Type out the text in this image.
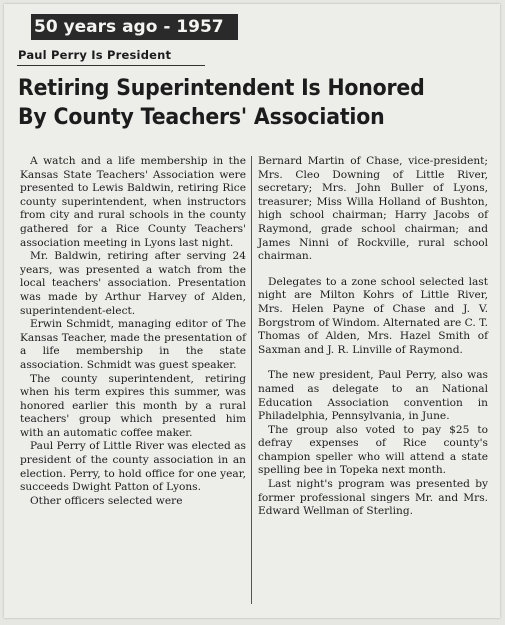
50 years ago - 1957
Paul Perry Is President
Retiring Superintendent Is Honored
By County Teachers' Association

A watch and a life membership in the Kansas State Teachers' Association were presented to Lewis Baldwin, retiring Rice county superintendent, when instructors from city and rural schools in the county gathered for a Rice County Teachers' association meeting in Lyons last night.

Mr. Baldwin, retiring after serving 24 years, was presented a watch from the local teachers' association. Presentation was made by Arthur Harvey of Alden, superintendent-elect.

Erwin Schmidt, managing editor of The Kansas Teacher, made the presentation of a life membership in the state association. Schmidt was guest speaker.

The county superintendent, retiring when his term expires this summer, was honored earlier this month by a rural teachers' group which presented him with an automatic coffee maker.

Paul Perry of Little River was elected as president of the county association in an election. Perry, to hold office for one year, succeeds Dwight Patton of Lyons.

Other officers selected were

Bernard Martin of Chase, vice-president; Mrs. Cleo Downing of Little River, secretary; Mrs. John Buller of Lyons, treasurer; Miss Willa Holland of Bushton, high school chairman; Harry Jacobs of Raymond, grade school chairman; and James Ninni of Rockville, rural school chairman.

Delegates to a zone school selected last night are Milton Kohrs of Little River, Mrs. Helen Payne of Chase and J. V. Borgstrom of Windom. Alternated are C. T. Thomas of Alden, Mrs. Hazel Smith of Saxman and J. R. Linville of Raymond.

The new president, Paul Perry, also was named as delegate to an National Education Association convention in Philadelphia, Pennsylvania, in June.

The group also voted to pay $25 to defray expenses of Rice county's champion speller who will attend a state spelling bee in Topeka next month.

Last night's program was presented by former professional singers Mr. and Mrs. Edward Wellman of Sterling.
